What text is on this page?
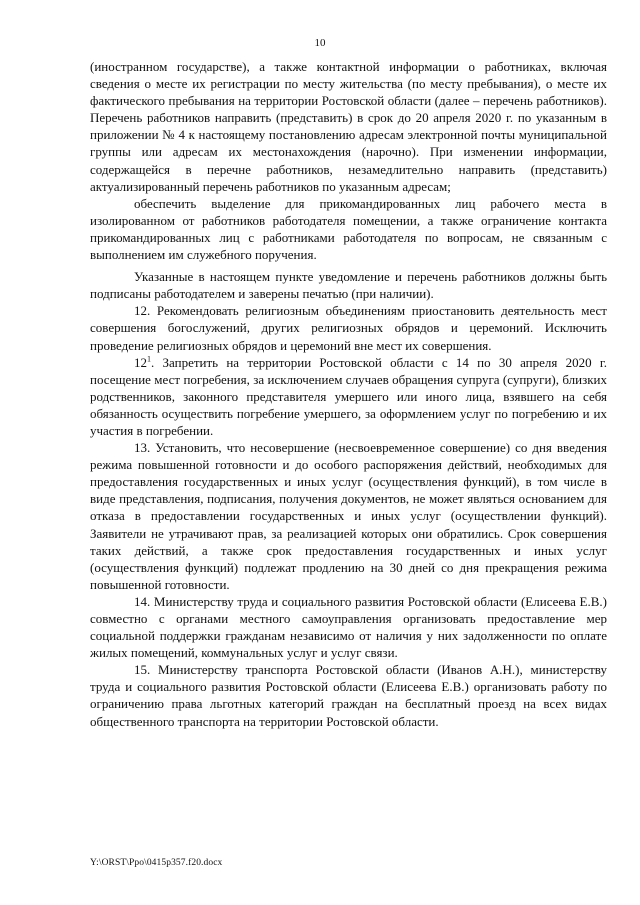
10

(иностранном государстве), а также контактной информации о работниках, включая сведения о месте их регистрации по месту жительства (по месту пребывания), о месте их фактического пребывания на территории Ростовской области (далее – перечень работников). Перечень работников направить (представить) в срок до 20 апреля 2020 г. по указанным в приложении № 4 к настоящему постановлению адресам электронной почты муниципальной группы или адресам их местонахождения (нарочно). При изменении информации, содержащейся в перечне работников, незамедлительно направить (представить) актуализированный перечень работников по указанным адресам;

обеспечить выделение для прикомандированных лиц рабочего места в изолированном от работников работодателя помещении, а также ограничение контакта прикомандированных лиц с работниками работодателя по вопросам, не связанным с выполнением им служебного поручения.

Указанные в настоящем пункте уведомление и перечень работников должны быть подписаны работодателем и заверены печатью (при наличии).

12. Рекомендовать религиозным объединениям приостановить деятельность мест совершения богослужений, других религиозных обрядов и церемоний. Исключить проведение религиозных обрядов и церемоний вне мест их совершения.

$12^1$. Запретить на территории Ростовской области с 14 по 30 апреля 2020 г. посещение мест погребения, за исключением случаев обращения супруга (супруги), близких родственников, законного представителя умершего или иного лица, взявшего на себя обязанность осуществить погребение умершего, за оформлением услуг по погребению и их участия в погребении.

13. Установить, что несовершение (несвоевременное совершение) со дня введения режима повышенной готовности и до особого распоряжения действий, необходимых для предоставления государственных и иных услуг (осуществления функций), в том числе в виде представления, подписания, получения документов, не может являться основанием для отказа в предоставлении государственных и иных услуг (осуществлении функций). Заявители не утрачивают прав, за реализацией которых они обратились. Срок совершения таких действий, а также срок предоставления государственных и иных услуг (осуществления функций) подлежат продлению на 30 дней со дня прекращения режима повышенной готовности.

14. Министерству труда и социального развития Ростовской области (Елисеева Е.В.) совместно с органами местного самоуправления организовать предоставление мер социальной поддержки гражданам независимо от наличия у них задолженности по оплате жилых помещений, коммунальных услуг и услуг связи.

15. Министерству транспорта Ростовской области (Иванов А.Н.), министерству труда и социального развития Ростовской области (Елисеева Е.В.) организовать работу по ограничению права льготных категорий граждан на бесплатный проезд на всех видах общественного транспорта на территории Ростовской области.

Y:\ORST\Ppo\0415p357.f20.docx
